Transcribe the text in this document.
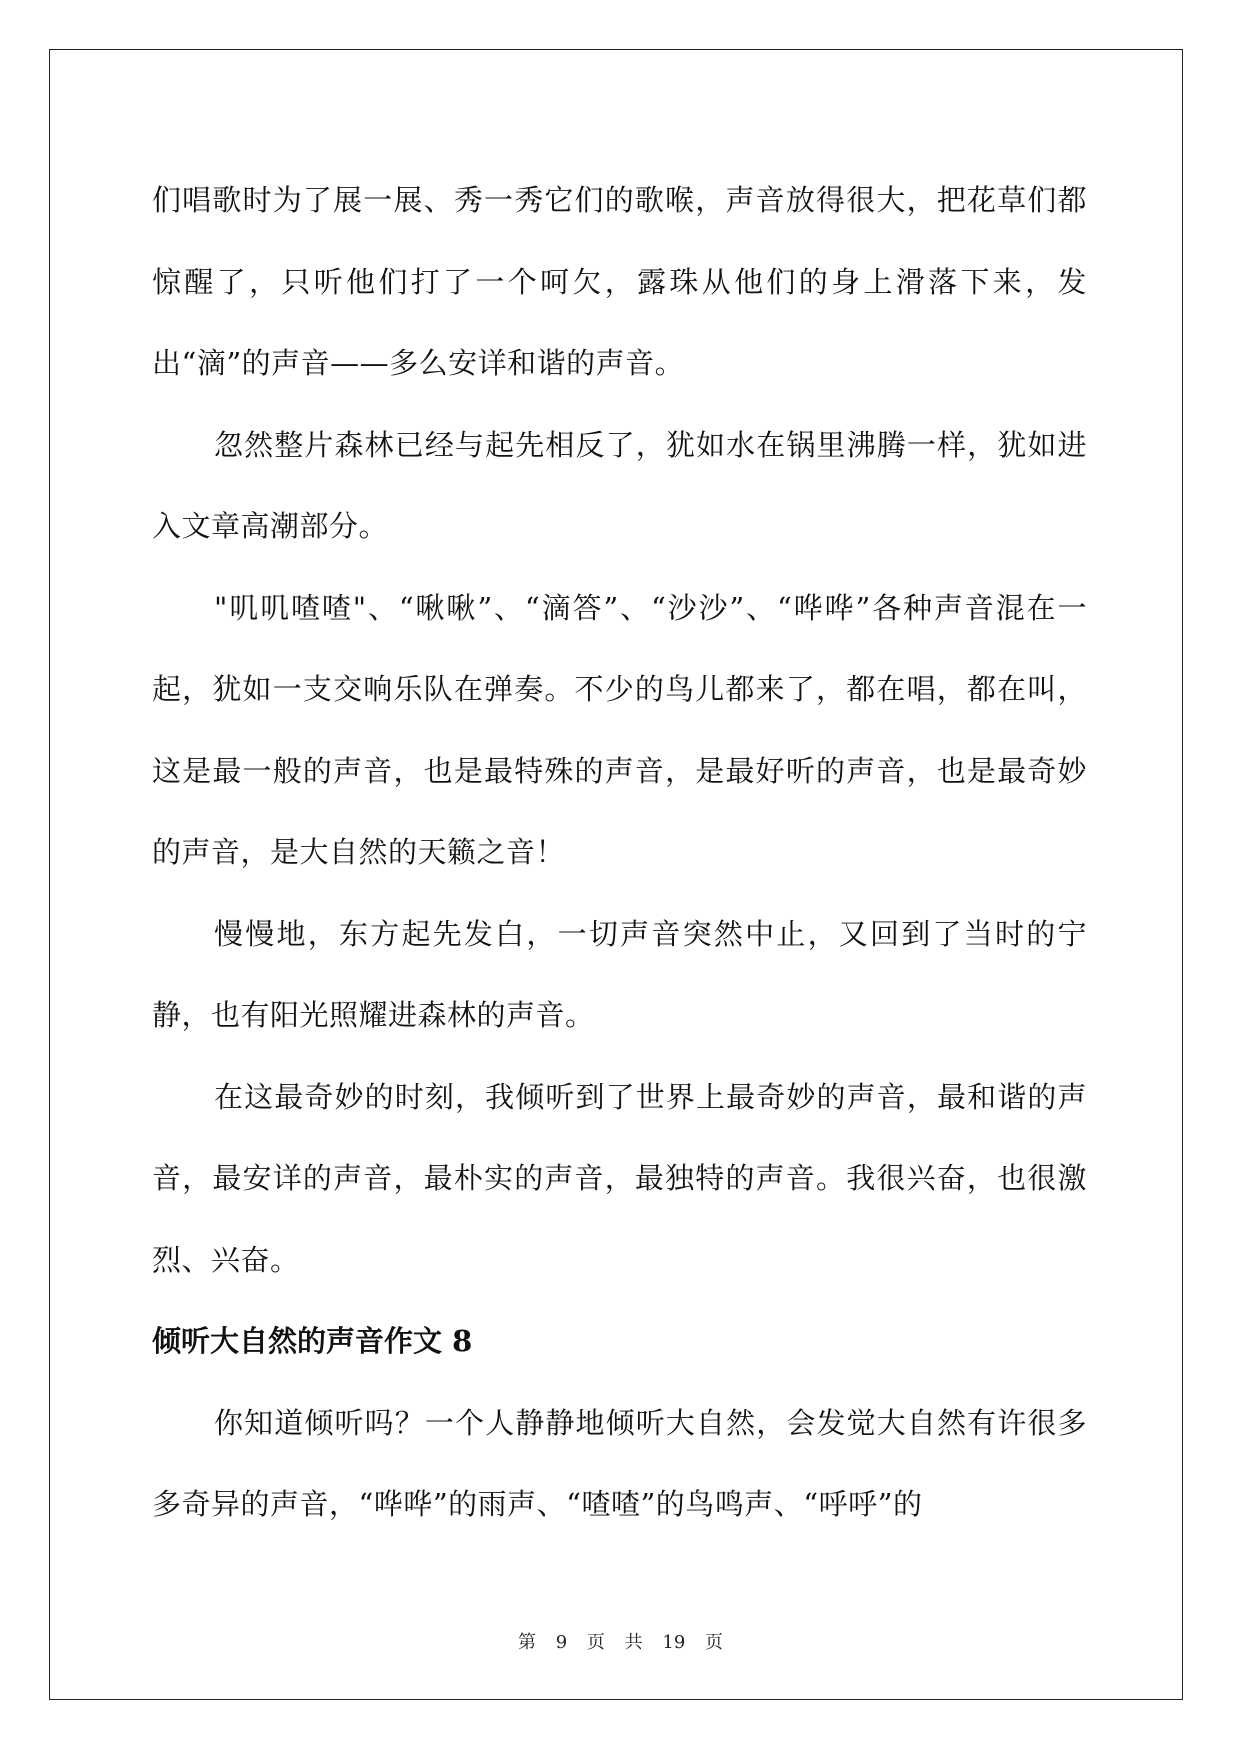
们唱歌时为了展一展、秀一秀它们的歌喉，声音放得很大，把花草们都惊醒了，只听他们打了一个呵欠，露珠从他们的身上滑落下来，发出“滴”的声音——多么安详和谐的声音。

忽然整片森林已经与起先相反了，犹如水在锅里沸腾一样，犹如进入文章高潮部分。

"叽叽喳喳"、“啾啾”、“滴答”、“沙沙”、“哗哗”各种声音混在一起，犹如一支交响乐队在弹奏。不少的鸟儿都来了，都在唱，都在叫，这是最一般的声音，也是最特殊的声音，是最好听的声音，也是最奇妙的声音，是大自然的天籁之音！

慢慢地，东方起先发白，一切声音突然中止，又回到了当时的宁静，也有阳光照耀进森林的声音。

在这最奇妙的时刻，我倾听到了世界上最奇妙的声音，最和谐的声音，最安详的声音，最朴实的声音，最独特的声音。我很兴奋，也很激烈、兴奋。

倾听大自然的声音作文 8

你知道倾听吗？一个人静静地倾听大自然，会发觉大自然有许很多多奇异的声音，“哗哗”的雨声、“喳喳”的鸟鸣声、“呼呼”的

第 9 页 共 19 页
